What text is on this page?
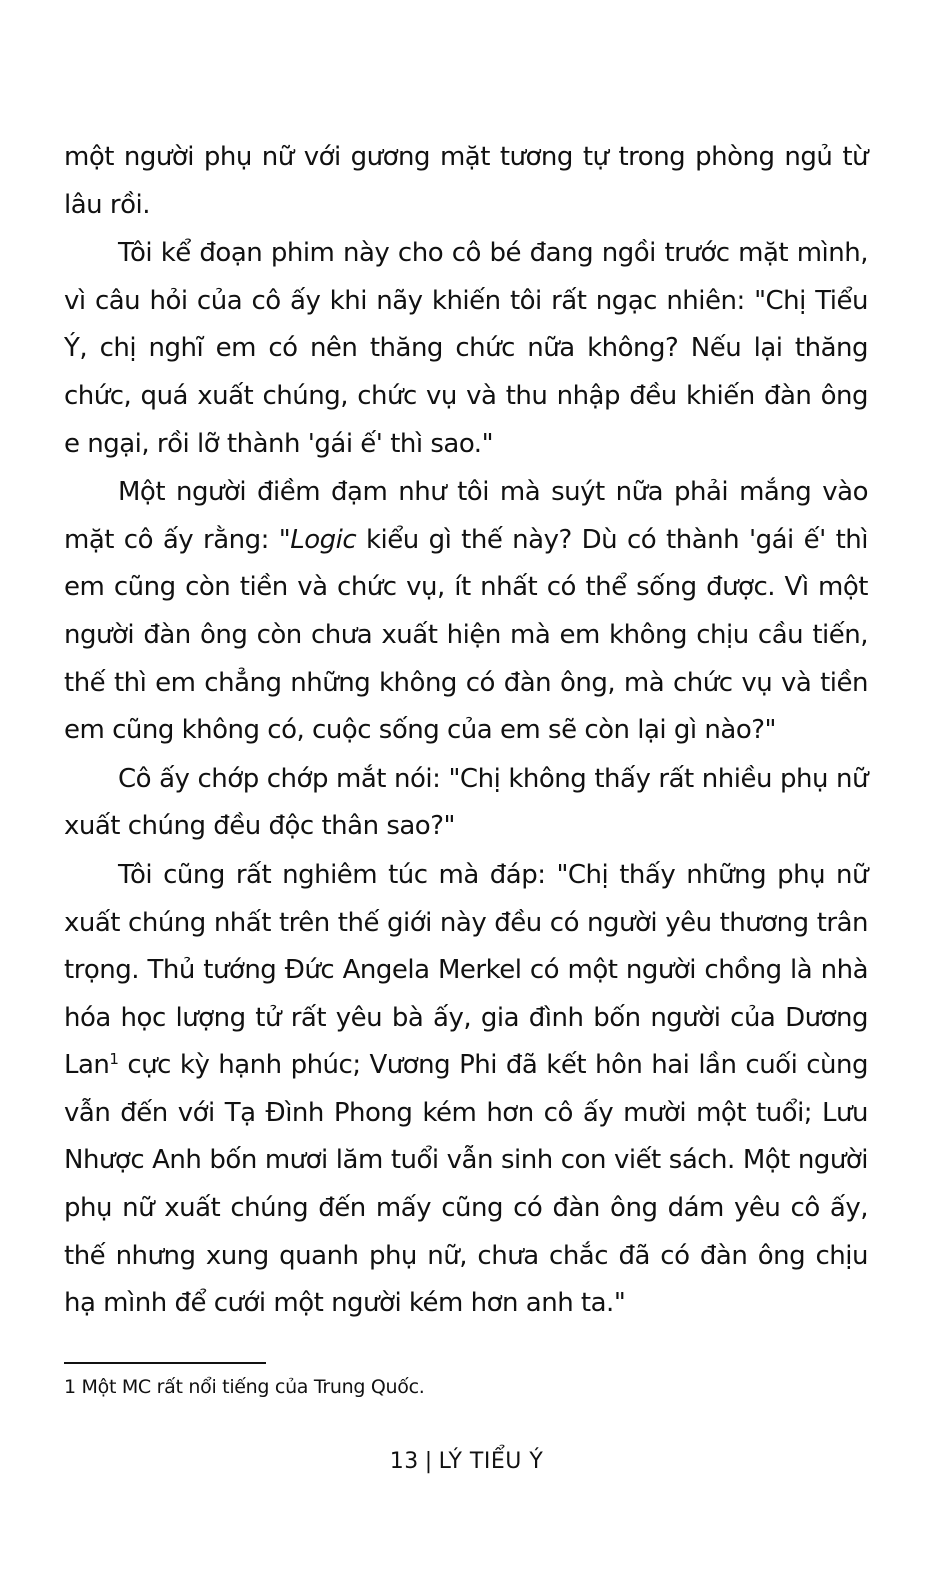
một người phụ nữ với gương mặt tương tự trong phòng ngủ từ lâu rồi.

Tôi kể đoạn phim này cho cô bé đang ngồi trước mặt mình, vì câu hỏi của cô ấy khi nãy khiến tôi rất ngạc nhiên: "Chị Tiểu Ý, chị nghĩ em có nên thăng chức nữa không? Nếu lại thăng chức, quá xuất chúng, chức vụ và thu nhập đều khiến đàn ông e ngại, rồi lỡ thành 'gái ế' thì sao."

Một người điềm đạm như tôi mà suýt nữa phải mắng vào mặt cô ấy rằng: "Logic kiểu gì thế này? Dù có thành 'gái ế' thì em cũng còn tiền và chức vụ, ít nhất có thể sống được. Vì một người đàn ông còn chưa xuất hiện mà em không chịu cầu tiến, thế thì em chẳng những không có đàn ông, mà chức vụ và tiền em cũng không có, cuộc sống của em sẽ còn lại gì nào?"

Cô ấy chớp chớp mắt nói: "Chị không thấy rất nhiều phụ nữ xuất chúng đều độc thân sao?"

Tôi cũng rất nghiêm túc mà đáp: "Chị thấy những phụ nữ xuất chúng nhất trên thế giới này đều có người yêu thương trân trọng. Thủ tướng Đức Angela Merkel có một người chồng là nhà hóa học lượng tử rất yêu bà ấy, gia đình bốn người của Dương Lan$^1$ cực kỳ hạnh phúc; Vương Phi đã kết hôn hai lần cuối cùng vẫn đến với Tạ Đình Phong kém hơn cô ấy mười một tuổi; Lưu Nhược Anh bốn mươi lăm tuổi vẫn sinh con viết sách. Một người phụ nữ xuất chúng đến mấy cũng có đàn ông dám yêu cô ấy, thế nhưng xung quanh phụ nữ, chưa chắc đã có đàn ông chịu hạ mình để cưới một người kém hơn anh ta."

1 Một MC rất nổi tiếng của Trung Quốc.
13 | LÝ TIỂU Ý
